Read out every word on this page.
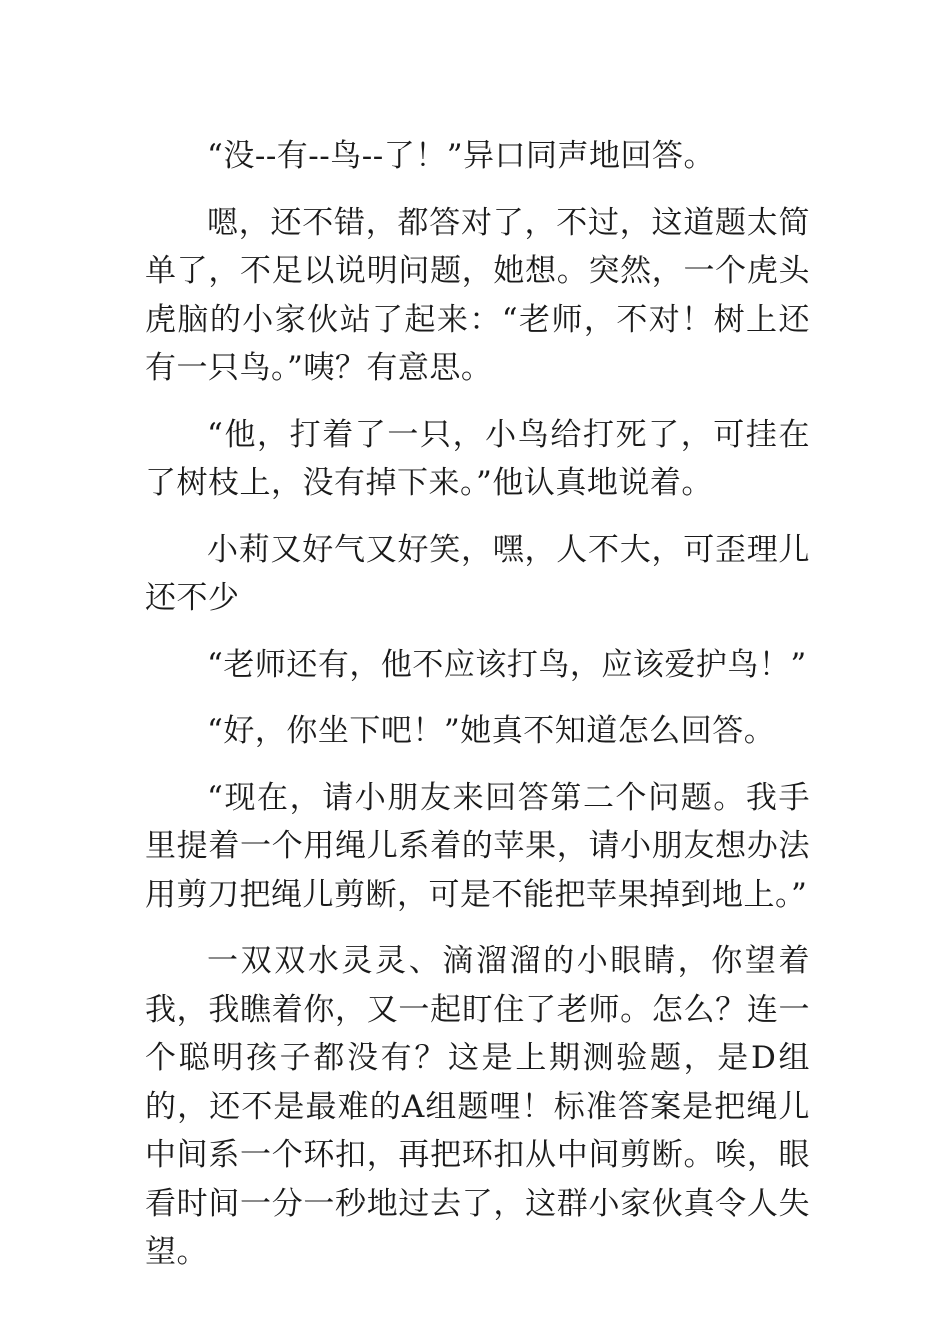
“没--有--鸟--了！”异口同声地回答。

嗯，还不错，都答对了，不过，这道题太简单了，不足以说明问题，她想。突然，一个虎头虎脑的小家伙站了起来：“老师，不对！树上还有一只鸟。”咦？有意思。

“他，打着了一只，小鸟给打死了，可挂在了树枝上，没有掉下来。”他认真地说着。

小莉又好气又好笑，嘿，人不大，可歪理儿还不少

“老师还有，他不应该打鸟，应该爱护鸟！”

“好，你坐下吧！”她真不知道怎么回答。

“现在，请小朋友来回答第二个问题。我手里提着一个用绳儿系着的苹果，请小朋友想办法用剪刀把绳儿剪断，可是不能把苹果掉到地上。”

一双双水灵灵、滴溜溜的小眼睛，你望着我，我瞧着你，又一起盯住了老师。怎么？连一个聪明孩子都没有？这是上期测验题，是D组的，还不是最难的A组题哩！标准答案是把绳儿中间系一个环扣，再把环扣从中间剪断。唉，眼看时间一分一秒地过去了，这群小家伙真令人失望。
